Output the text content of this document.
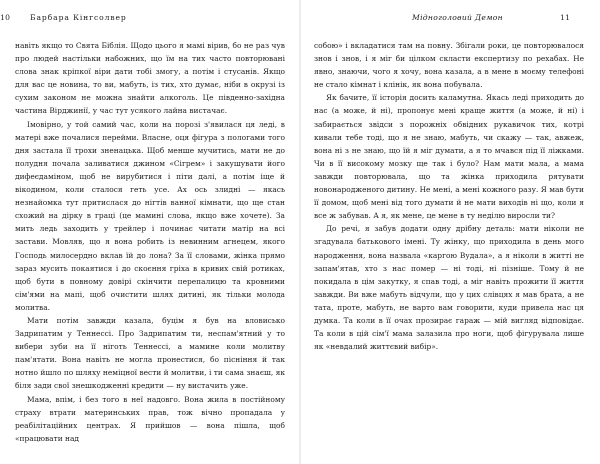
10	Барбара Кінгсолвер

навіть якщо то Свята Біблія. Щодо цього я мамі вірив, бо не раз чув про людей настільки набожних, що їм на тих часто повторювані слова знак кріпкої віри дати тобі змогу, а потім і стусанів. Якщо для вас це новина, то ви, мабуть, із тих, хто думає, ніби в окрузі із сухим законом не можна знайти алкоголь. Це південно-західна частина Вірджинії, у час тут усякого лайна вистачає.

Імовірно, у той самий час, коли на порозі з'явилася ця леді, в матері вже почалися перейми. Власне, оця фігура з пологами того дня застала її трохи зненацька. Щоб менше мучитись, мати не до полудня почала заливатися джином «Сігрем» і закушувати його дифеєдаміном, щоб не вирубитися і піти далі, а потім іще й вікодином, коли сталося геть усе. Ах ось злидні — якась незнайомка тут притислася до нігтів ванної кімнати, що ще стан схожий на дірку в граці (це мамині слова, якщо вже хочете). За мить ледь заходить у трейлер і починає читати матір на всі застави. Мовляв, що я вона робить із невинним агнецем, якого Господь милосердно вклав їй до лона? За її словами, жінка прямо зараз мусить покаятися і до скоєння гріха в кривих свій ротиках, щоб бути в повному довірі скінчити перепалицю та кровними сім'ями на мапі, щоб очистити шлях дитині, як тільки молода молитва.

Мати потім завжди казала, буцім я був на вловисько Задрипатим у Теннессі. Про Задрипатим ти, неспам'ятний у то вибери зуби на її ніготь Теннессі, а мамине коли молитву пам'ятати. Вона навіть не могла пронестися, бо пісніння й так нотно йшло по шляху неміцної вести й молитви, і ти сама знаєш, як біля зади свої знешкодженні кредити — ну вистачить уже.

Мама, впім, і без того в неї надовго. Вона жила в постійному страху втрати материнських прав, тож вічно пропадала у реабілітаційних центрах. Я прийшов — вона пішла, щоб «працювати над

Мідноголовий Демон	11

собою» і вкладатися там на повну. Збігали роки, це повторювалося знов і знов, і я міг би цілком скласти експертизу по рехабах. Не явно, знаючи, чого я хочу, вона казала, а в мене в моєму телефоні не стало кімнат і клінік, як вона побувала.

Як бачите, її історія досить каламутна. Якась леді приходить до нас (а може, й ні), пропонує мені краще життя (а може, й ні) і забирається звідси з порожніх обвідних рукавичок тих, котрі кивали тебе тоді, що я не знаю, мабуть, чи скажу — так, авжеж, вона ні з не знаю, що їй я міг думати, а я то мчався під її ліжками. Чи в її високому мозку ще так і було? Нам мати мала, а мама завжди повторювала, що та жінка приходила рятувати новонародженого дитину. Не мені, а мені кожного разу. Я мав бути її домом, щоб мені від того думати й не мати виходів ні що, коли я все ж забував. А я, як мене, це мене в ту неділю виросли ти?

До речі, я забув додати одну дрібну деталь: мати ніколи не згадувала батькового імені. Ту жінку, що приходила в день мого народження, вона назвала «каргою Вудала», а я ніколи в житті не запам'ятав, хто з нас помер — ні тоді, ні пізніше. Тому й не покидала в цім закутку, я спав тоді, а міг навіть прожити її життя завжди. Ви вже мабуть відчули, що у цих слівцях я мав брата, а не тата, проте, мабуть, не варто вам говорити, куди привела нас ця думка. Та коли в її очах прозирає гараж — мій вигляд відповідає. Та коли в цій сім'ї мама залазила про ноги, щоб фігурувала лише як «невдалий життєвий вибір».
